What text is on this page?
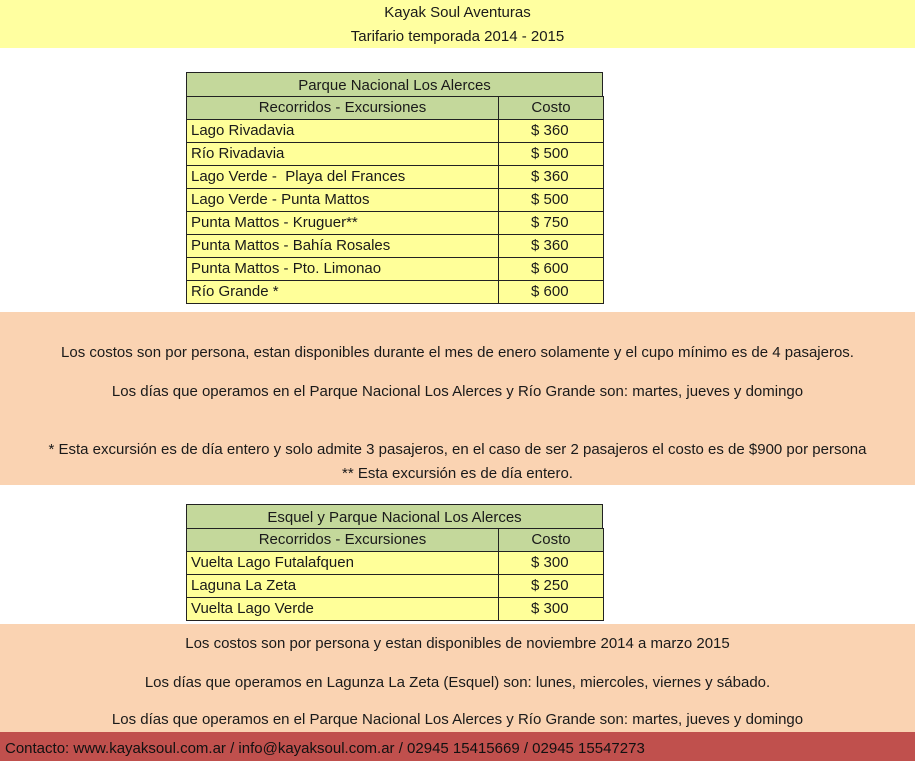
Kayak Soul Aventuras
Tarifario temporada 2014 - 2015
Parque Nacional Los Alerces
Recorridos - Excursiones	Costo
Lago Rivadavia	$ 360
Río Rivadavia	$ 500
Lago Verde -  Playa del Frances	$ 360
Lago Verde - Punta Mattos	$ 500
Punta Mattos - Kruguer**	$ 750
Punta Mattos - Bahía Rosales	$ 360
Punta Mattos - Pto. Limonao	$ 600
Río Grande *	$ 600

Los costos son por persona, estan disponibles durante el mes de enero solamente y el cupo mínimo es de 4 pasajeros.

Los días que operamos en el Parque Nacional Los Alerces y Río Grande son: martes, jueves y domingo

* Esta excursión es de día entero y solo admite 3 pasajeros, en el caso de ser 2 pasajeros el costo es de $900 por persona

** Esta excursión es de día entero.

Esquel y Parque Nacional Los Alerces
Recorridos - Excursiones	Costo
Vuelta Lago Futalafquen	$ 300
Laguna La Zeta	$ 250
Vuelta Lago Verde	$ 300

Los costos son por persona y estan disponibles de noviembre 2014 a marzo 2015

Los días que operamos en Lagunza La Zeta (Esquel) son: lunes, miercoles, viernes y sábado.

Los días que operamos en el Parque Nacional Los Alerces y Río Grande son: martes, jueves y domingo

Contacto: www.kayaksoul.com.ar / info@kayaksoul.com.ar / 02945 15415669 / 02945 15547273
